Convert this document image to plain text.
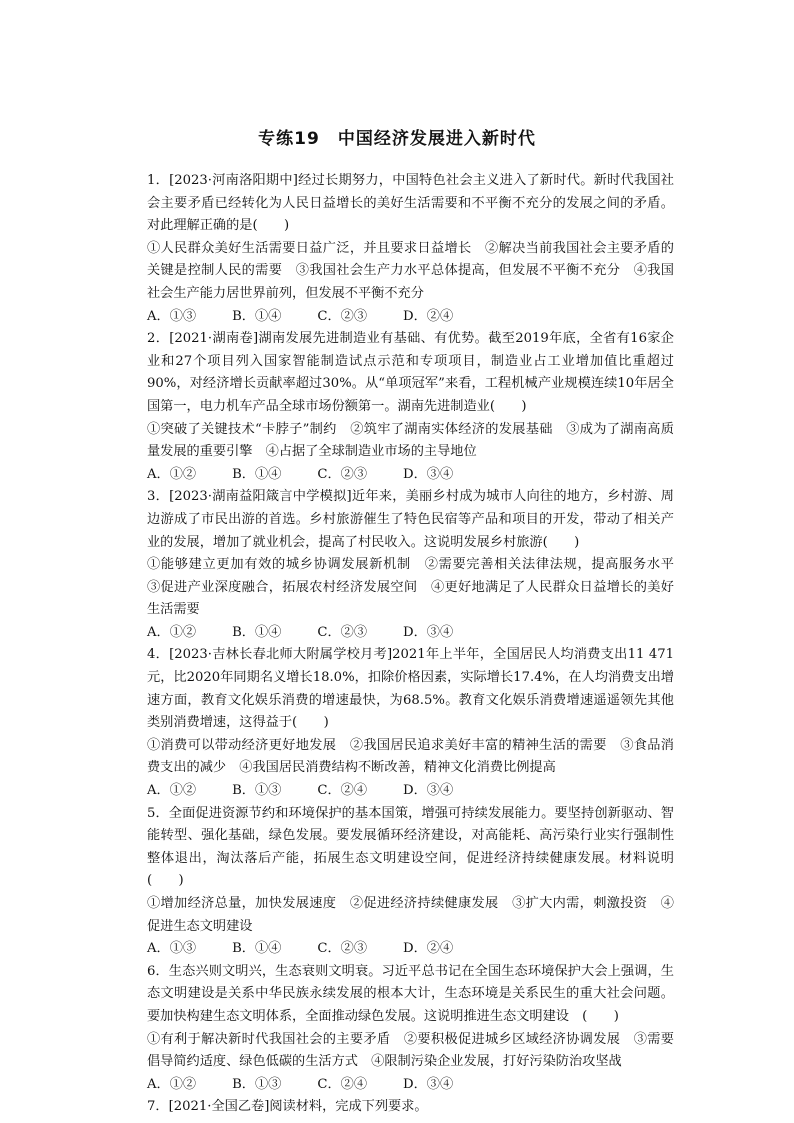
专练19　中国经济发展进入新时代

1．[2023·河南洛阳期中]经过长期努力，中国特色社会主义进入了新时代。新时代我国社会主要矛盾已经转化为人民日益增长的美好生活需要和不平衡不充分的发展之间的矛盾。对此理解正确的是(　　)

①人民群众美好生活需要日益广泛，并且要求日益增长　②解决当前我国社会主要矛盾的关键是控制人民的需要　③我国社会生产力水平总体提高，但发展不平衡不充分　④我国社会生产能力居世界前列，但发展不平衡不充分

A．①③	B．①④	C．②③	D．②④

2．[2021·湖南卷]湖南发展先进制造业有基础、有优势。截至2019年底，全省有16家企业和27个项目列入国家智能制造试点示范和专项项目，制造业占工业增加值比重超过90%，对经济增长贡献率超过30%。从“单项冠军”来看，工程机械产业规模连续10年居全国第一，电力机车产品全球市场份额第一。湖南先进制造业(　　)

①突破了关键技术“卡脖子”制约　②筑牢了湖南实体经济的发展基础　③成为了湖南高质量发展的重要引擎　④占据了全球制造业市场的主导地位

A．①②	B．①④	C．②③	D．③④

3．[2023·湖南益阳箴言中学模拟]近年来，美丽乡村成为城市人向往的地方，乡村游、周边游成了市民出游的首选。乡村旅游催生了特色民宿等产品和项目的开发，带动了相关产业的发展，增加了就业机会，提高了村民收入。这说明发展乡村旅游(　　)

①能够建立更加有效的城乡协调发展新机制　②需要完善相关法律法规，提高服务水平　③促进产业深度融合，拓展农村经济发展空间　④更好地满足了人民群众日益增长的美好生活需要

A．①②	B．①④	C．②③	D．③④

4．[2023·吉林长春北师大附属学校月考]2021年上半年，全国居民人均消费支出11 471元，比2020年同期名义增长18.0%，扣除价格因素，实际增长17.4%，在人均消费支出增速方面，教育文化娱乐消费的增速最快，为68.5%。教育文化娱乐消费增速遥遥领先其他类别消费增速，这得益于(　　)

①消费可以带动经济更好地发展　②我国居民追求美好丰富的精神生活的需要　③食品消费支出的减少　④我国居民消费结构不断改善，精神文化消费比例提高

A．①②	B．①③	C．②④	D．③④

5．全面促进资源节约和环境保护的基本国策，增强可持续发展能力。要坚持创新驱动、智能转型、强化基础，绿色发展。要发展循环经济建设，对高能耗、高污染行业实行强制性整体退出，淘汰落后产能，拓展生态文明建设空间，促进经济持续健康发展。材料说明(　　)

①增加经济总量，加快发展速度　②促进经济持续健康发展　③扩大内需，刺激投资　④促进生态文明建设

A．①③	B．①④	C．②③	D．②④

6．生态兴则文明兴，生态衰则文明衰。习近平总书记在全国生态环境保护大会上强调，生态文明建设是关系中华民族永续发展的根本大计，生态环境是关系民生的重大社会问题。要加快构建生态文明体系，全面推动绿色发展。这说明推进生态文明建设　(　　)

①有利于解决新时代我国社会的主要矛盾　②要积极促进城乡区域经济协调发展　③需要倡导简约适度、绿色低碳的生活方式　④限制污染企业发展，打好污染防治攻坚战

A．①②	B．①③	C．②④	D．③④

7．[2021·全国乙卷]阅读材料，完成下列要求。
